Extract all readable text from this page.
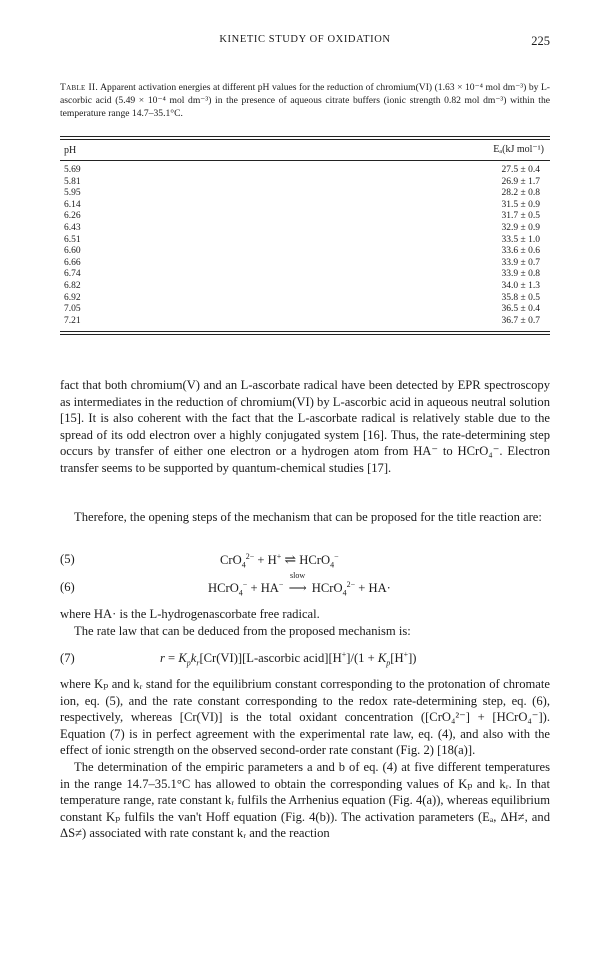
KINETIC STUDY OF OXIDATION	225
Table II. Apparent activation energies at different pH values for the reduction of chromium(VI) (1.63 × 10⁻⁴ mol dm⁻³) by L-ascorbic acid (5.49 × 10⁻⁴ mol dm⁻³) in the presence of aqueous citrate buffers (ionic strength 0.82 mol dm⁻³) within the temperature range 14.7–35.1°C.
pH	Eₐ(kJ mol⁻¹)
5.69	27.5 ± 0.4
5.81	26.9 ± 1.7
5.95	28.2 ± 0.8
6.14	31.5 ± 0.9
6.26	31.7 ± 0.5
6.43	32.9 ± 0.9
6.51	33.5 ± 1.0
6.60	33.6 ± 0.6
6.66	33.9 ± 0.7
6.74	33.9 ± 0.8
6.82	34.0 ± 1.3
6.92	35.8 ± 0.5
7.05	36.5 ± 0.4
7.21	36.7 ± 0.7

fact that both chromium(V) and an L-ascorbate radical have been detected by EPR spectroscopy as intermediates in the reduction of chromium(VI) by L-ascorbic acid in aqueous neutral solution [15]. It is also coherent with the fact that the L-ascorbate radical is relatively stable due to the spread of its odd electron over a highly conjugated system [16]. Thus, the rate-determining step occurs by transfer of either one electron or a hydrogen atom from HA⁻ to HCrO₄⁻. Electron transfer seems to be supported by quantum-chemical studies [17].

Therefore, the opening steps of the mechanism that can be proposed for the title reaction are:

(5)	CrO$_4^{2-}$ + H+ ⇌ HCrO$_4$−
(6)	HCrO$_4$− + HA−
slow
⟶ HCrO$_4^{2-}$ + HA·

where HA· is the L-hydrogenascorbate free radical.

The rate law that can be deduced from the proposed mechanism is:

(7)	$r = K_pk_r[Cr(VI)][L$-ascorbic acid][H+]/(1 + $K_p[H^+]$)

where Kₚ and kᵣ stand for the equilibrium constant corresponding to the protonation of chromate ion, eq. (5), and the rate constant corresponding to the redox rate-determining step, eq. (6), respectively, whereas [Cr(VI)] is the total oxidant concentration ([CrO₄²⁻] + [HCrO₄⁻]). Equation (7) is in perfect agreement with the experimental rate law, eq. (4), and also with the effect of ionic strength on the observed second-order rate constant (Fig. 2) [18(a)].

The determination of the empiric parameters a and b of eq. (4) at five different temperatures in the range 14.7–35.1°C has allowed to obtain the corresponding values of Kₚ and kᵣ. In that temperature range, rate constant kᵣ fulfils the Arrhenius equation (Fig. 4(a)), whereas equilibrium constant Kₚ fulfils the van't Hoff equation (Fig. 4(b)). The activation parameters (Eₐ, ΔH≠, and ΔS≠) associated with rate constant kᵣ and the reaction
